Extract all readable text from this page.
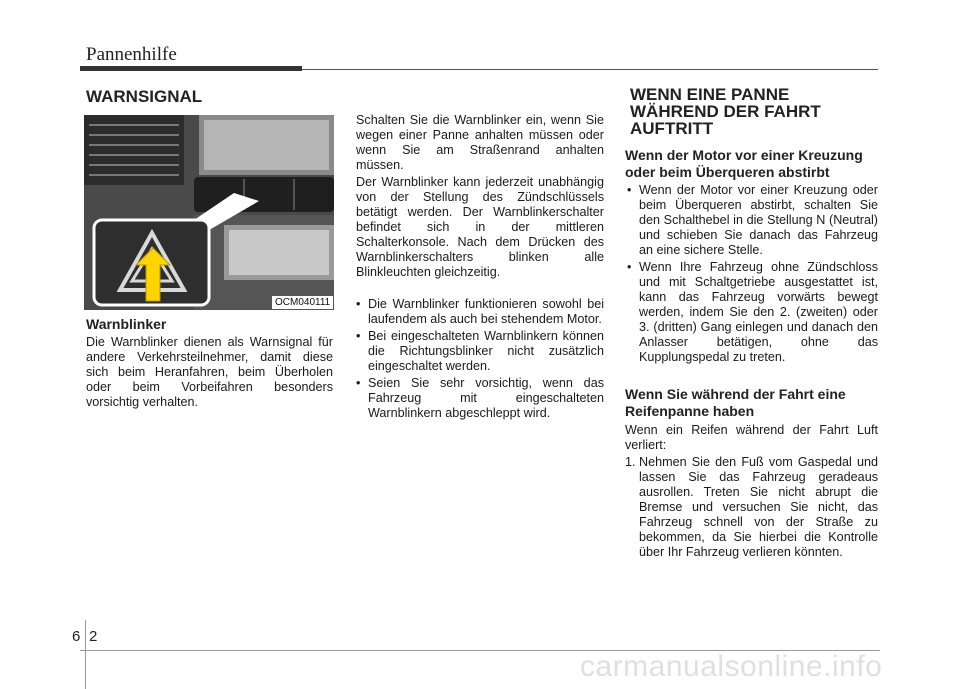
Pannenhilfe
WARNSIGNAL
OCM040111
Warnblinker

Die Warnblinker dienen als Warnsignal für andere Verkehrsteilnehmer, damit diese sich beim Heranfahren, beim Überholen oder beim Vorbeifahren besonders vorsichtig verhalten.

Schalten Sie die Warnblinker ein, wenn Sie wegen einer Panne anhalten müssen oder wenn Sie am Straßenrand anhalten müssen.

Der Warnblinker kann jederzeit unabhängig von der Stellung des Zündschlüssels betätigt werden. Der Warnblinkerschalter befindet sich in der mittleren Schalterkonsole. Nach dem Drücken des Warnblinkerschalters blinken alle Blinkleuchten gleichzeitig.

• Die Warnblinker funktionieren sowohl bei laufendem als auch bei stehendem Motor.
• Bei eingeschalteten Warnblinkern können die Richtungsblinker nicht zusätzlich eingeschaltet werden.
• Seien Sie sehr vorsichtig, wenn das Fahrzeug mit eingeschalteten Warnblinkern abgeschleppt wird.
WENN EINE PANNE
WÄHREND DER FAHRT
AUFTRITT
Wenn der Motor vor einer Kreuzung
oder beim Überqueren abstirbt
• Wenn der Motor vor einer Kreuzung oder beim Überqueren abstirbt, schalten Sie den Schalthebel in die Stellung N (Neutral) und schieben Sie danach das Fahrzeug an eine sichere Stelle.
• Wenn Ihre Fahrzeug ohne Zündschloss und mit Schaltgetriebe ausgestattet ist, kann das Fahrzeug vorwärts bewegt werden, indem Sie den 2. (zweiten) oder 3. (dritten) Gang einlegen und danach den Anlasser betätigen, ohne das Kupplungspedal zu treten.
Wenn Sie während der Fahrt eine
Reifenpanne haben

Wenn ein Reifen während der Fahrt Luft verliert:

1. Nehmen Sie den Fuß vom Gaspedal und lassen Sie das Fahrzeug geradeaus ausrollen. Treten Sie nicht abrupt die Bremse und versuchen Sie nicht, das Fahrzeug schnell von der Straße zu bekommen, da Sie hierbei die Kontrolle über Ihr Fahrzeug verlieren könnten.
6 2
carmanualsonline.info
